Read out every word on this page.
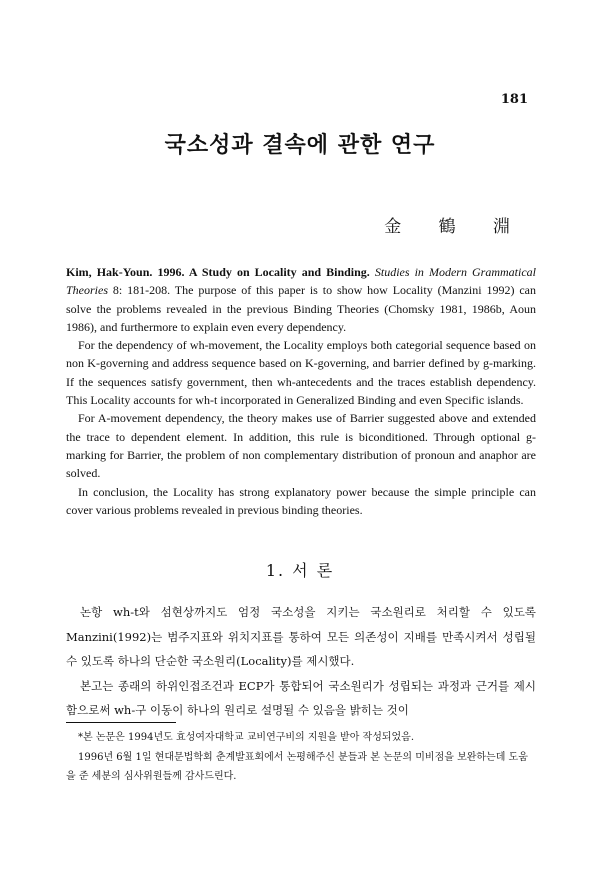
181
국소성과 결속에 관한 연구
金 鶴 淵

Kim, Hak-Youn. 1996. A Study on Locality and Binding. Studies in Modern Grammatical Theories 8: 181-208. The purpose of this paper is to show how Locality (Manzini 1992) can solve the problems revealed in the previous Binding Theories (Chomsky 1981, 1986b, Aoun 1986), and furthermore to explain even every dependency.

For the dependency of wh-movement, the Locality employs both categorial sequence based on non K-governing and address sequence based on K-governing, and barrier defined by g-marking. If the sequences satisfy government, then wh-antecedents and the traces establish dependency. This Locality accounts for wh-t incorporated in Generalized Binding and even Specific islands.

For A-movement dependency, the theory makes use of Barrier suggested above and extended the trace to dependent element. In addition, this rule is biconditioned. Through optional g-marking for Barrier, the problem of non complementary distribution of pronoun and anaphor are solved.

In conclusion, the Locality has strong explanatory power because the simple principle can cover various problems revealed in previous binding theories.

1. 서 론

논항 wh-t와 섬현상까지도 엄정 국소성을 지키는 국소원리로 처리할 수 있도록 Manzini(1992)는 범주지표와 위치지표를 통하여 모든 의존성이 지배를 만족시켜서 성립될 수 있도록 하나의 단순한 국소원리(Locality)를 제시했다.

본고는 종래의 하위인접조건과 ECP가 통합되어 국소원리가 성립되는 과정과 근거를 제시함으로써 wh-구 이동이 하나의 원리로 설명될 수 있음을 밝히는 것이

*본 논문은 1994년도 효성여자대학교 교비연구비의 지원을 받아 작성되었음.

1996년 6월 1일 현대문법학회 춘계발표회에서 논평해주신 분들과 본 논문의 미비점을 보완하는데 도움을 준 세분의 심사위원들께 감사드린다.
